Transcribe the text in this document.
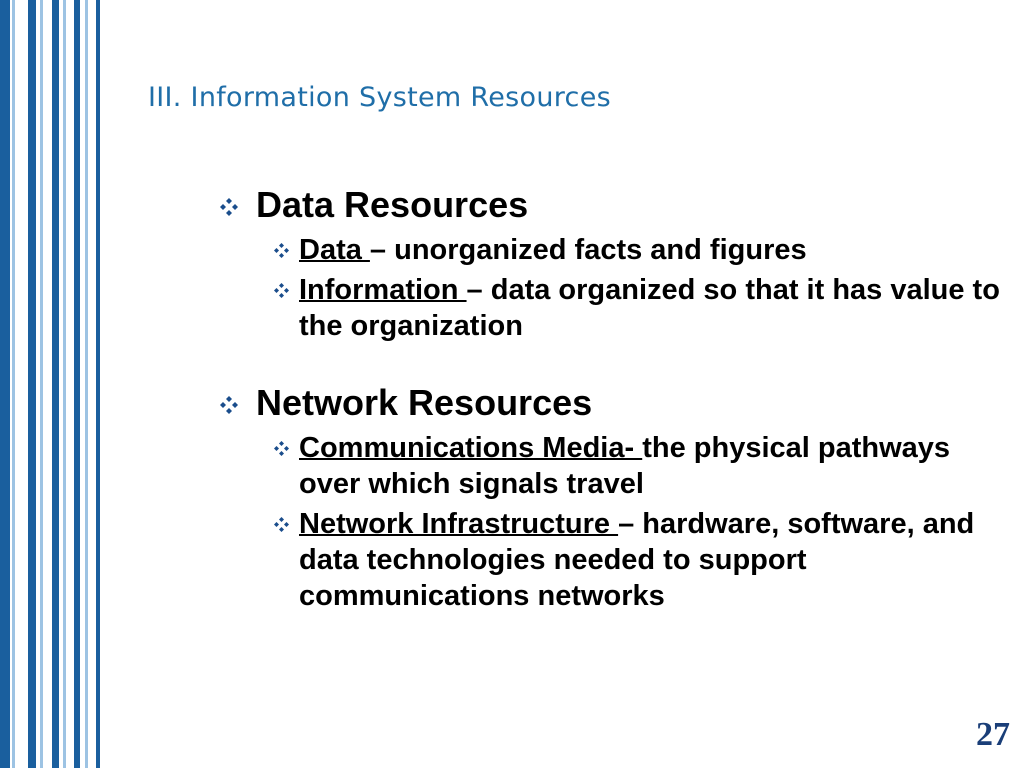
III. Information System Resources
Data Resources
Data – unorganized facts and figures
Information – data organized so that it has value to the organization
Network Resources
Communications Media- the physical pathways over which signals travel
Network Infrastructure – hardware, software, and data technologies needed to support communications networks
27
